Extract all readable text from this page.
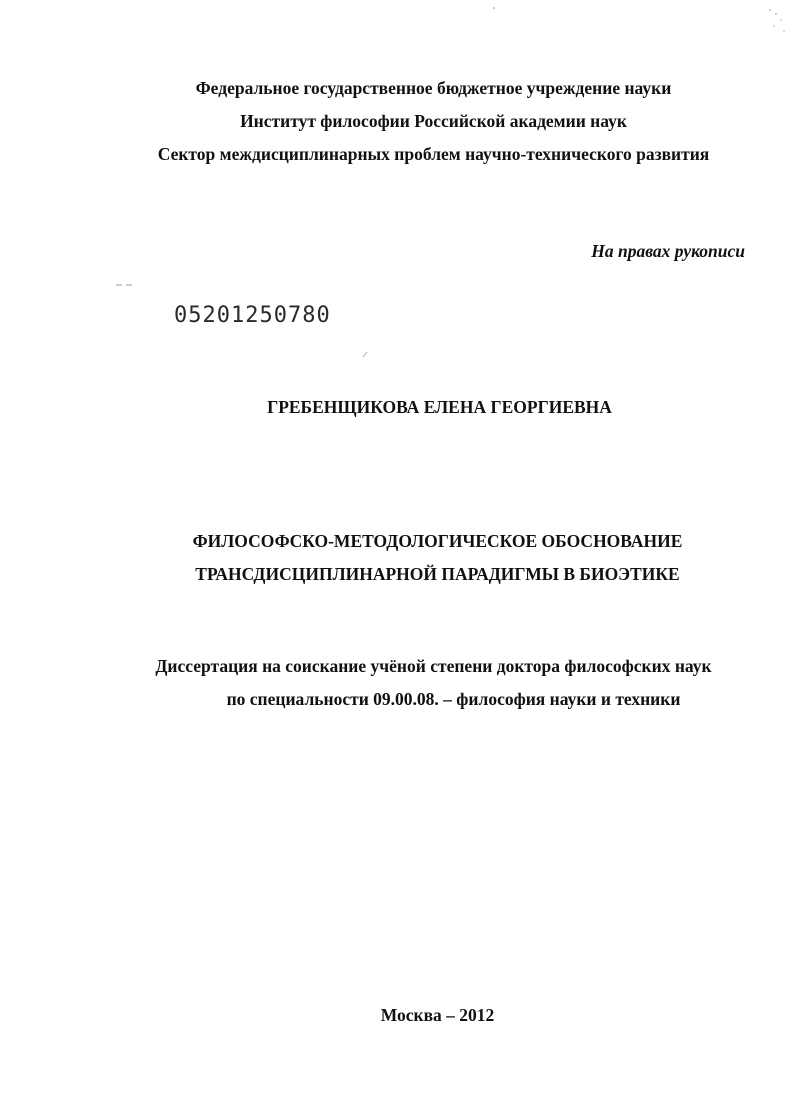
Федеральное государственное бюджетное учреждение науки
Институт философии Российской академии наук
Сектор междисциплинарных проблем научно-технического развития
На правах рукописи
05201250780
ГРЕБЕНЩИКОВА ЕЛЕНА ГЕОРГИЕВНА
ФИЛОСОФСКО-МЕТОДОЛОГИЧЕСКОЕ ОБОСНОВАНИЕ
ТРАНСДИСЦИПЛИНАРНОЙ ПАРАДИГМЫ В БИОЭТИКЕ
Диссертация на соискание учёной степени доктора философских наук
по специальности 09.00.08. – философия науки и техники
Москва – 2012
